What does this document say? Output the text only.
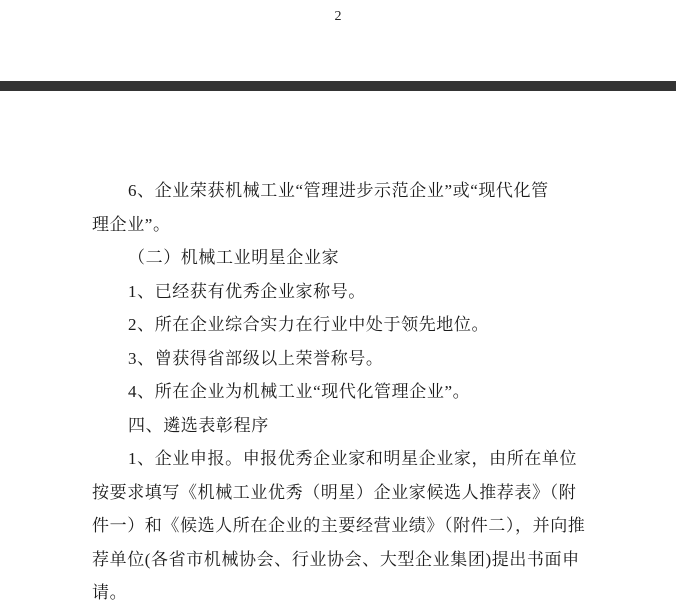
2
6、企业荣获机械工业“管理进步示范企业”或“现代化管
理企业”。
（二）机械工业明星企业家
1、已经获有优秀企业家称号。
2、所在企业综合实力在行业中处于领先地位。
3、曾获得省部级以上荣誉称号。
4、所在企业为机械工业“现代化管理企业”。
四、遴选表彰程序
1、企业申报。申报优秀企业家和明星企业家，由所在单位
按要求填写《机械工业优秀（明星）企业家候选人推荐表》（附
件一）和《候选人所在企业的主要经营业绩》（附件二），并向推
荐单位(各省市机械协会、行业协会、大型企业集团)提出书面申
请。
